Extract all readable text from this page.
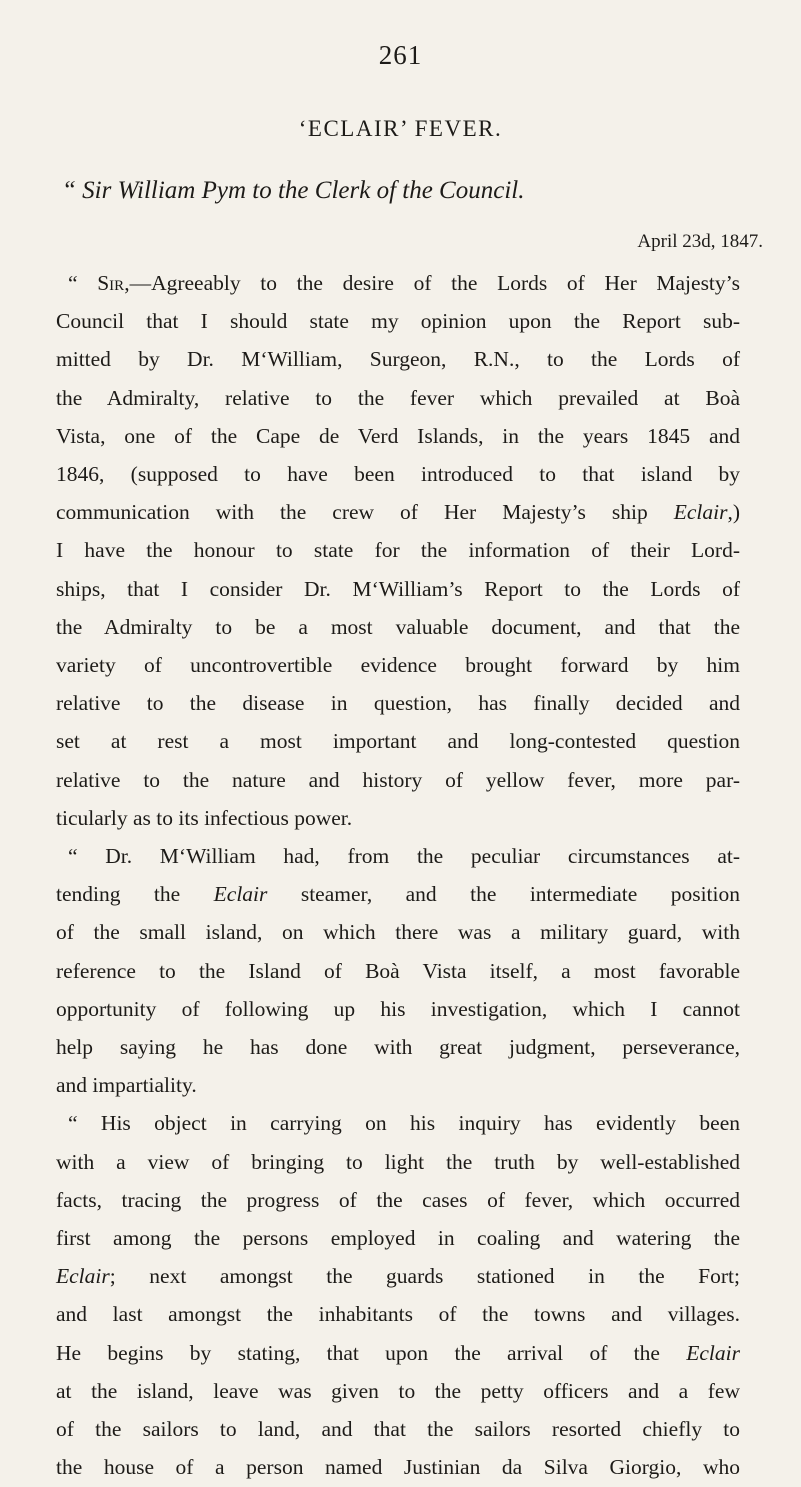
261
‘ECLAIR’ FEVER.
“ Sir William Pym to the Clerk of the Council.
April 23d, 1847.
“ Sir,—Agreeably to the desire of the Lords of Her Majesty’s
Council that I should state my opinion upon the Report sub-
mitted by Dr. M‘William, Surgeon, R.N., to the Lords of
the Admiralty, relative to the fever which prevailed at Boà
Vista, one of the Cape de Verd Islands, in the years 1845 and
1846, (supposed to have been introduced to that island by
communication with the crew of Her Majesty’s ship Eclair,)
I have the honour to state for the information of their Lord-
ships, that I consider Dr. M‘William’s Report to the Lords of
the Admiralty to be a most valuable document, and that the
variety of uncontrovertible evidence brought forward by him
relative to the disease in question, has finally decided and
set at rest a most important and long-contested question
relative to the nature and history of yellow fever, more par-
ticularly as to its infectious power.
“ Dr. M‘William had, from the peculiar circumstances at-
tending the Eclair steamer, and the intermediate position
of the small island, on which there was a military guard, with
reference to the Island of Boà Vista itself, a most favorable
opportunity of following up his investigation, which I cannot
help saying he has done with great judgment, perseverance,
and impartiality.
“ His object in carrying on his inquiry has evidently been
with a view of bringing to light the truth by well-established
facts, tracing the progress of the cases of fever, which occurred
first among the persons employed in coaling and watering the
Eclair; next amongst the guards stationed in the Fort;
and last amongst the inhabitants of the towns and villages.
He begins by stating, that upon the arrival of the Eclair
at the island, leave was given to the petty officers and a few
of the sailors to land, and that the sailors resorted chiefly to
the house of a person named Justinian da Silva Giorgio, who
